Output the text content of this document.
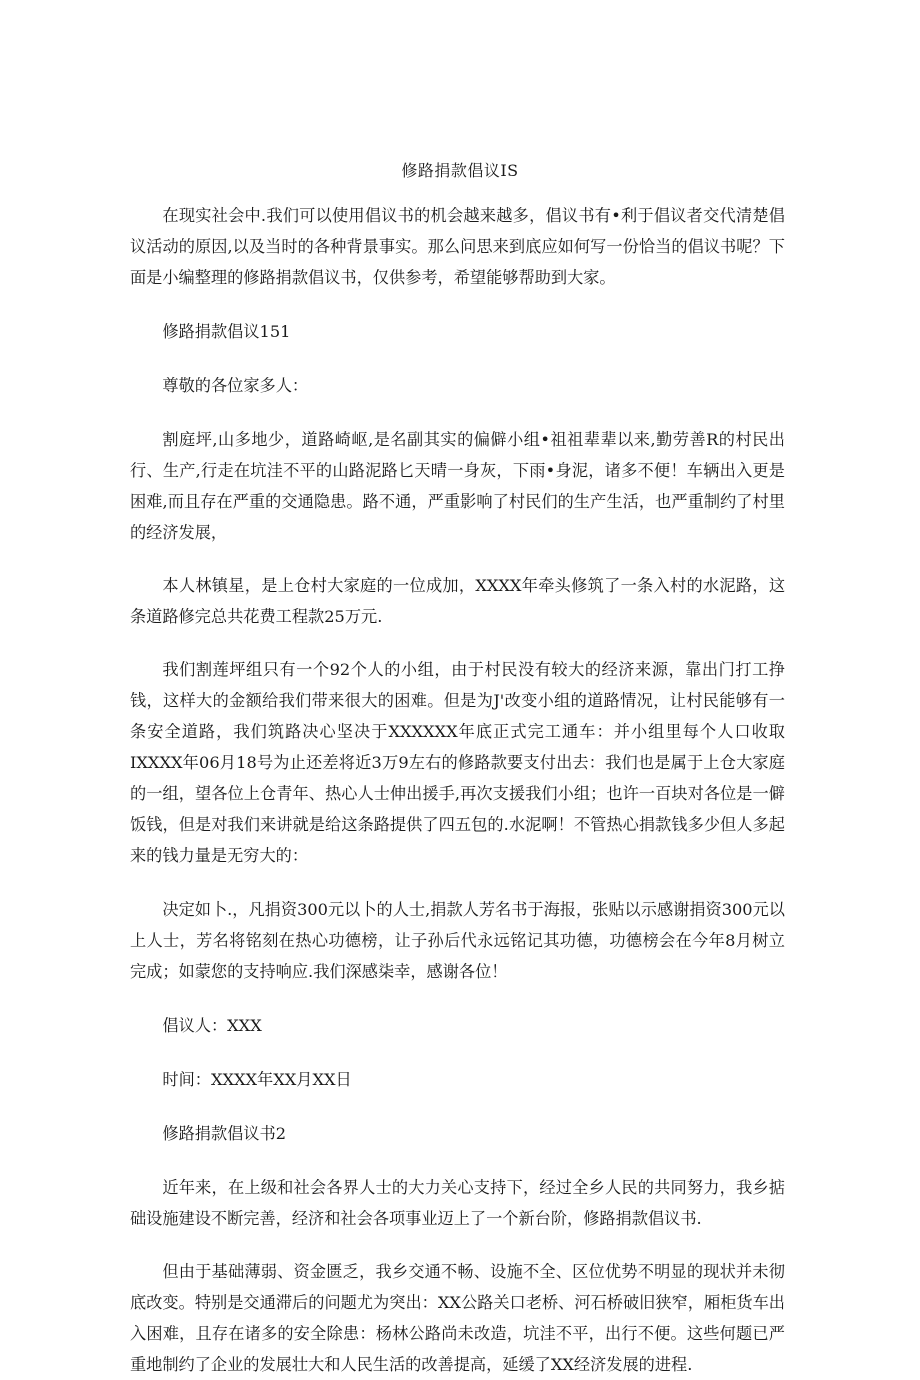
修路捐款倡议IS

在现实社会中.我们可以使用倡议书的机会越来越多，倡议书有•利于倡议者交代清楚倡议活动的原因,以及当时的各种背景事实。那么问思来到底应如何写一份恰当的倡议书呢？下面是小编整理的修路捐款倡议书，仅供参考，希望能够帮助到大家。

修路捐款倡议151

尊敬的各位家多人：

割庭坪,山多地少，道路崎岖,是名副其实的偏僻小组•祖祖辈辈以来,勤劳善R的村民出行、生产,行走在坑洼不平的山路泥路匕天晴一身灰，下雨•身泥，诸多不便！车辆出入更是困难,而且存在严重的交通隐患。路不通，严重影响了村民们的生产生活，也严重制约了村里的经济发展，

本人林镇星，是上仓村大家庭的一位成加，XXXX年牵头修筑了一条入村的水泥路，这条道路修完总共花费工程款25万元.

我们割莲坪组只有一个92个人的小组，由于村民没有较大的经济来源，靠出门打工挣钱，这样大的金额给我们带来很大的困难。但是为J'改变小组的道路情况，让村民能够有一条安全道路，我们筑路决心坚决于XXXXXX年底正式完工通车：并小组里每个人口收取IXXXX年06月18号为止还差将近3万9左右的修路款要支付出去：我们也是属于上仓大家庭的一组，望各位上仓青年、热心人士伸出援手,再次支援我们小组；也许一百块对各位是一僻饭钱，但是对我们来讲就是给这条路提供了四五包的.水泥啊！不管热心捐款钱多少但人多起来的钱力量是无穷大的：

决定如卜.，凡捐资300元以卜的人士,捐款人芳名书于海报，张贴以示感谢捐资300元以上人士，芳名将铭刻在热心功德榜，让子孙后代永远铭记其功德，功德榜会在今年8月树立完成；如蒙您的支持响应.我们深感柒幸，感谢各位！

倡议人：XXX

时间：XXXX年XX月XX日

修路捐款倡议书2

近年来，在上级和社会各界人士的大力关心支持下，经过全乡人民的共同努力，我乡掂础设施建设不断完善，经济和社会各项事业迈上了一个新台阶，修路捐款倡议书.

但由于基础薄弱、资金匮乏，我乡交通不畅、设施不全、区位优势不明显的现状并未彻底改变。特别是交通滞后的问题尤为突出：XX公路关口老桥、河石桥破旧狭窄，厢柜货车出入困难，且存在诸多的安全除患：杨林公路尚未改造，坑洼不平，出行不便。这些何题已严重地制约了企业的发展壮大和人民生活的改善提高，延缓了XX经济发展的进程.
